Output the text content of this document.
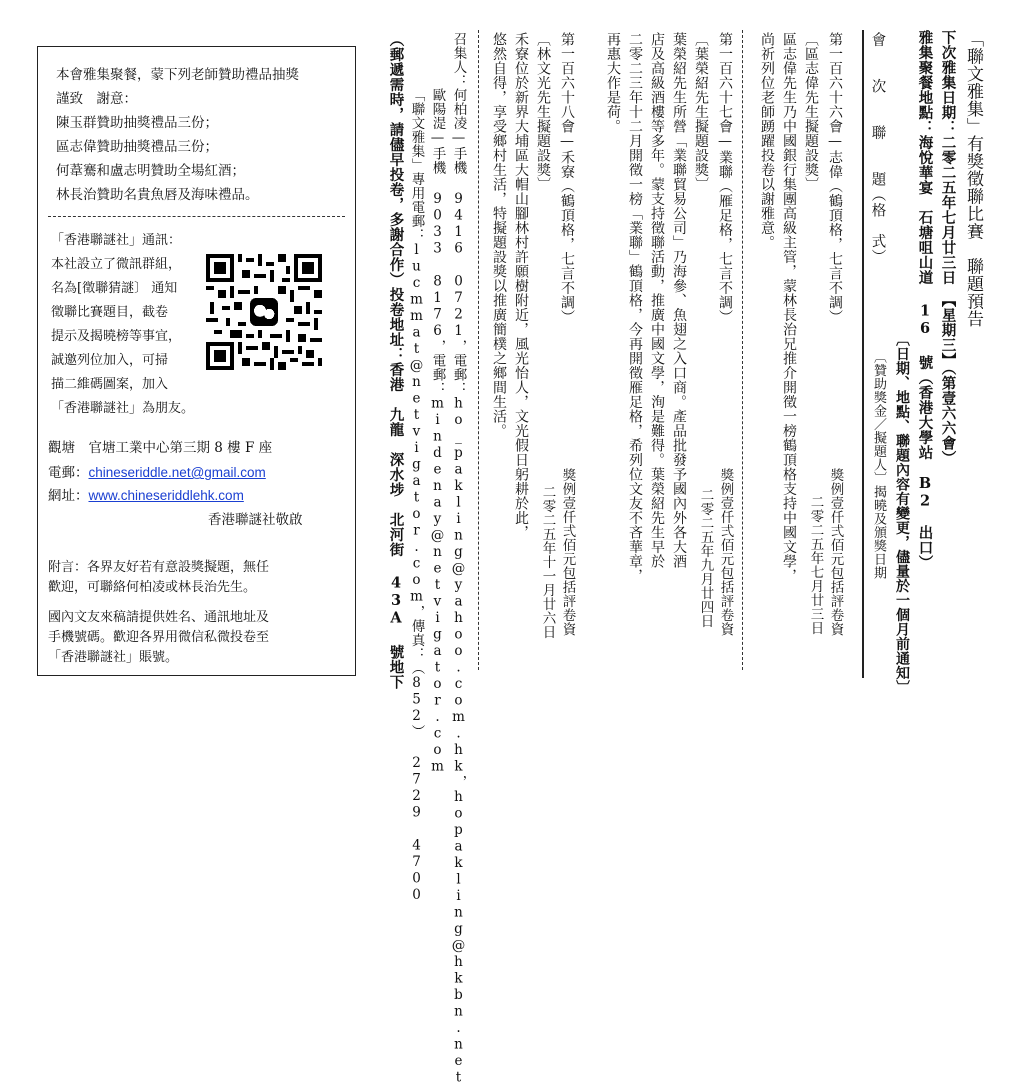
本會雅集聚餐，蒙下列老師贊助禮品抽獎
謹致　謝意：
陳玉群贊助抽獎禮品三份；
區志偉贊助抽獎禮品三份；
何葦騫和盧志明贊助全場紅酒；
林長治贊助名貴魚唇及海味禮品。
「香港聯謎社」通訊：
本社設立了微訊群組，
名為[徵聯猜謎〕 通知
徵聯比賽題目，截卷
提示及揭曉榜等事宜，
誠邀列位加入，可掃
描二維碼圖案，加入
「香港聯謎社」為朋友。
觀塘　官塘工業中心第三期 8 樓 F 座
電郵：chineseriddle.net@gmail.com
網址：www.chineseriddlehk.com
香港聯謎社敬啟
附言：各界友好若有意設獎擬題，無任
歡迎，可聯絡何柏凌或林長治先生。
國內文友來稿請提供姓名、通訊地址及
手機號碼。歡迎各界用微信私微投卷至
「香港聯謎社」賬號。	（郵遞需時，請儘早投卷，多謝合作）投卷地址：香港　九龍　深水埗　北河街 43A 號地下 「聯文雅集」專用電郵：lucmmat@netvigator.com，傳真：（852） 2729 4700 歐陽湜—手機 9033 8176，電郵：mindenay@netvigator.com 召集人：何柏凌—手機 9416 0721，電郵：ho_pakling@yahoo.com.hk，hopakling@hkbn.net 悠然自得，享受鄉村生活，特擬題設獎以推廣簡樸之鄉間生活。 禾寮位於新界大埔區大帽山腳林村許願樹附近，風光怡人，文光假日躬耕於此， 〔林文光先生擬題設獎〕 第一百六十八會—禾寮（鶴頂格，七言不調）
獎例壹仟弍佰元包括評卷資
二零二五年十一月廿六日
再惠大作是荷。 二零二三年十二月開徵一榜「業聯」鶴頂格，今再開徵雁足格，希列位文友不吝華章， 店及高級酒樓等多年。蒙支持徵聯活動，推廣中國文學，洵是難得。葉榮紹先生早於 葉榮紹先生所營「業聯貿易公司」乃海參、魚翅之入口商。產品批發予國內外各大酒 〔葉榮紹先生擬題設獎〕 第一百六十七會—業聯（雁足格，七言不調）
獎例壹仟弍佰元包括評卷資
二零二五年九月廿四日
尚祈列位老師踴躍投卷以謝雅意。 區志偉先生乃中國銀行集團高級主管，蒙林長治兄推介開徵一榜鶴頂格支持中國文學， 〔區志偉先生擬題設獎〕 第一百六十六會—志偉（鶴頂格，七言不調）
獎例壹仟弍佰元包括評卷資
二零二五年七月廿三日
會　　次　　聯　　題（格　式）
〔贊助獎金／擬題人〕揭曉及頒獎日期 雅集聚餐地點：海悅華宴　石塘咀山道 16 號（香港大學站　B2　出口）
〔日期、地點、聯題內容有變更，儘量於一個月前通知〕
下次雅集日期：二零二五年七月廿三日　【星期三】（第壹六六會） 「聯文雅集」有獎徵聯比賽　聯題預告
